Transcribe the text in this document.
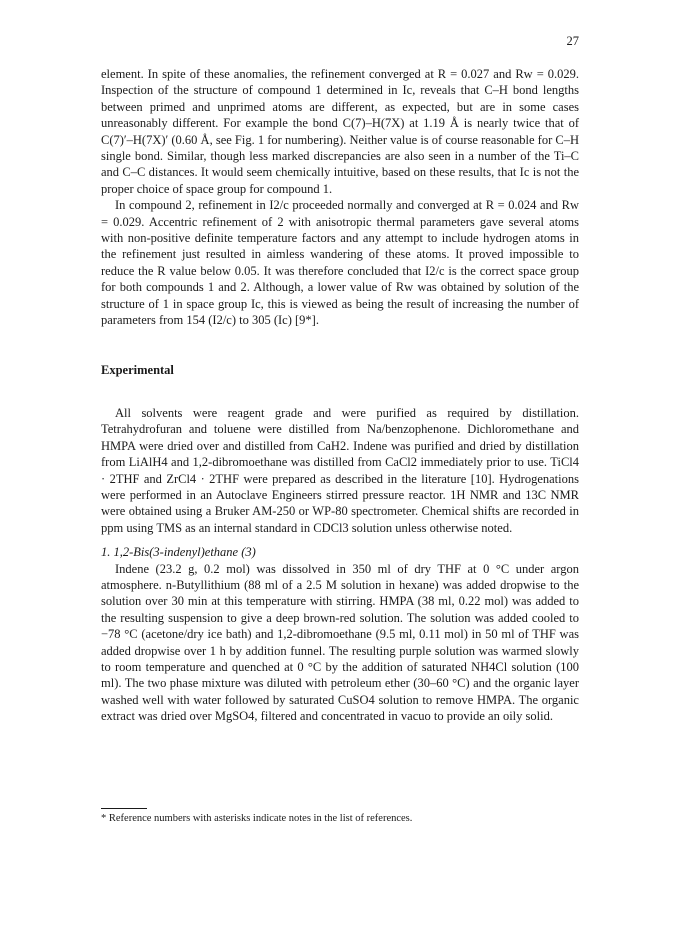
27

element. In spite of these anomalies, the refinement converged at R = 0.027 and Rw = 0.029. Inspection of the structure of compound 1 determined in Ic, reveals that C–H bond lengths between primed and unprimed atoms are different, as expected, but are in some cases unreasonably different. For example the bond C(7)–H(7X) at 1.19 Å is nearly twice that of C(7)′–H(7X)′ (0.60 Å, see Fig. 1 for numbering). Neither value is of course reasonable for C–H single bond. Similar, though less marked discrepancies are also seen in a number of the Ti–C and C–C distances. It would seem chemically intuitive, based on these results, that Ic is not the proper choice of space group for compound 1.

In compound 2, refinement in I2/c proceeded normally and converged at R = 0.024 and Rw = 0.029. Accentric refinement of 2 with anisotropic thermal parameters gave several atoms with non-positive definite temperature factors and any attempt to include hydrogen atoms in the refinement just resulted in aimless wandering of these atoms. It proved impossible to reduce the R value below 0.05. It was therefore concluded that I2/c is the correct space group for both compounds 1 and 2. Although, a lower value of Rw was obtained by solution of the structure of 1 in space group Ic, this is viewed as being the result of increasing the number of parameters from 154 (I2/c) to 305 (Ic) [9*].

Experimental

All solvents were reagent grade and were purified as required by distillation. Tetrahydrofuran and toluene were distilled from Na/benzophenone. Dichloromethane and HMPA were dried over and distilled from CaH2. Indene was purified and dried by distillation from LiAlH4 and 1,2-dibromoethane was distilled from CaCl2 immediately prior to use. TiCl4 · 2THF and ZrCl4 · 2THF were prepared as described in the literature [10]. Hydrogenations were performed in an Autoclave Engineers stirred pressure reactor. 1H NMR and 13C NMR were obtained using a Bruker AM-250 or WP-80 spectrometer. Chemical shifts are recorded in ppm using TMS as an internal standard in CDCl3 solution unless otherwise noted.

1. 1,2-Bis(3-indenyl)ethane (3)

Indene (23.2 g, 0.2 mol) was dissolved in 350 ml of dry THF at 0 °C under argon atmosphere. n-Butyllithium (88 ml of a 2.5 M solution in hexane) was added dropwise to the solution over 30 min at this temperature with stirring. HMPA (38 ml, 0.22 mol) was added to the resulting suspension to give a deep brown-red solution. The solution was added cooled to −78 °C (acetone/dry ice bath) and 1,2-dibromoethane (9.5 ml, 0.11 mol) in 50 ml of THF was added dropwise over 1 h by addition funnel. The resulting purple solution was warmed slowly to room temperature and quenched at 0 °C by the addition of saturated NH4Cl solution (100 ml). The two phase mixture was diluted with petroleum ether (30–60 °C) and the organic layer washed well with water followed by saturated CuSO4 solution to remove HMPA. The organic extract was dried over MgSO4, filtered and concentrated in vacuo to provide an oily solid.

* Reference numbers with asterisks indicate notes in the list of references.
